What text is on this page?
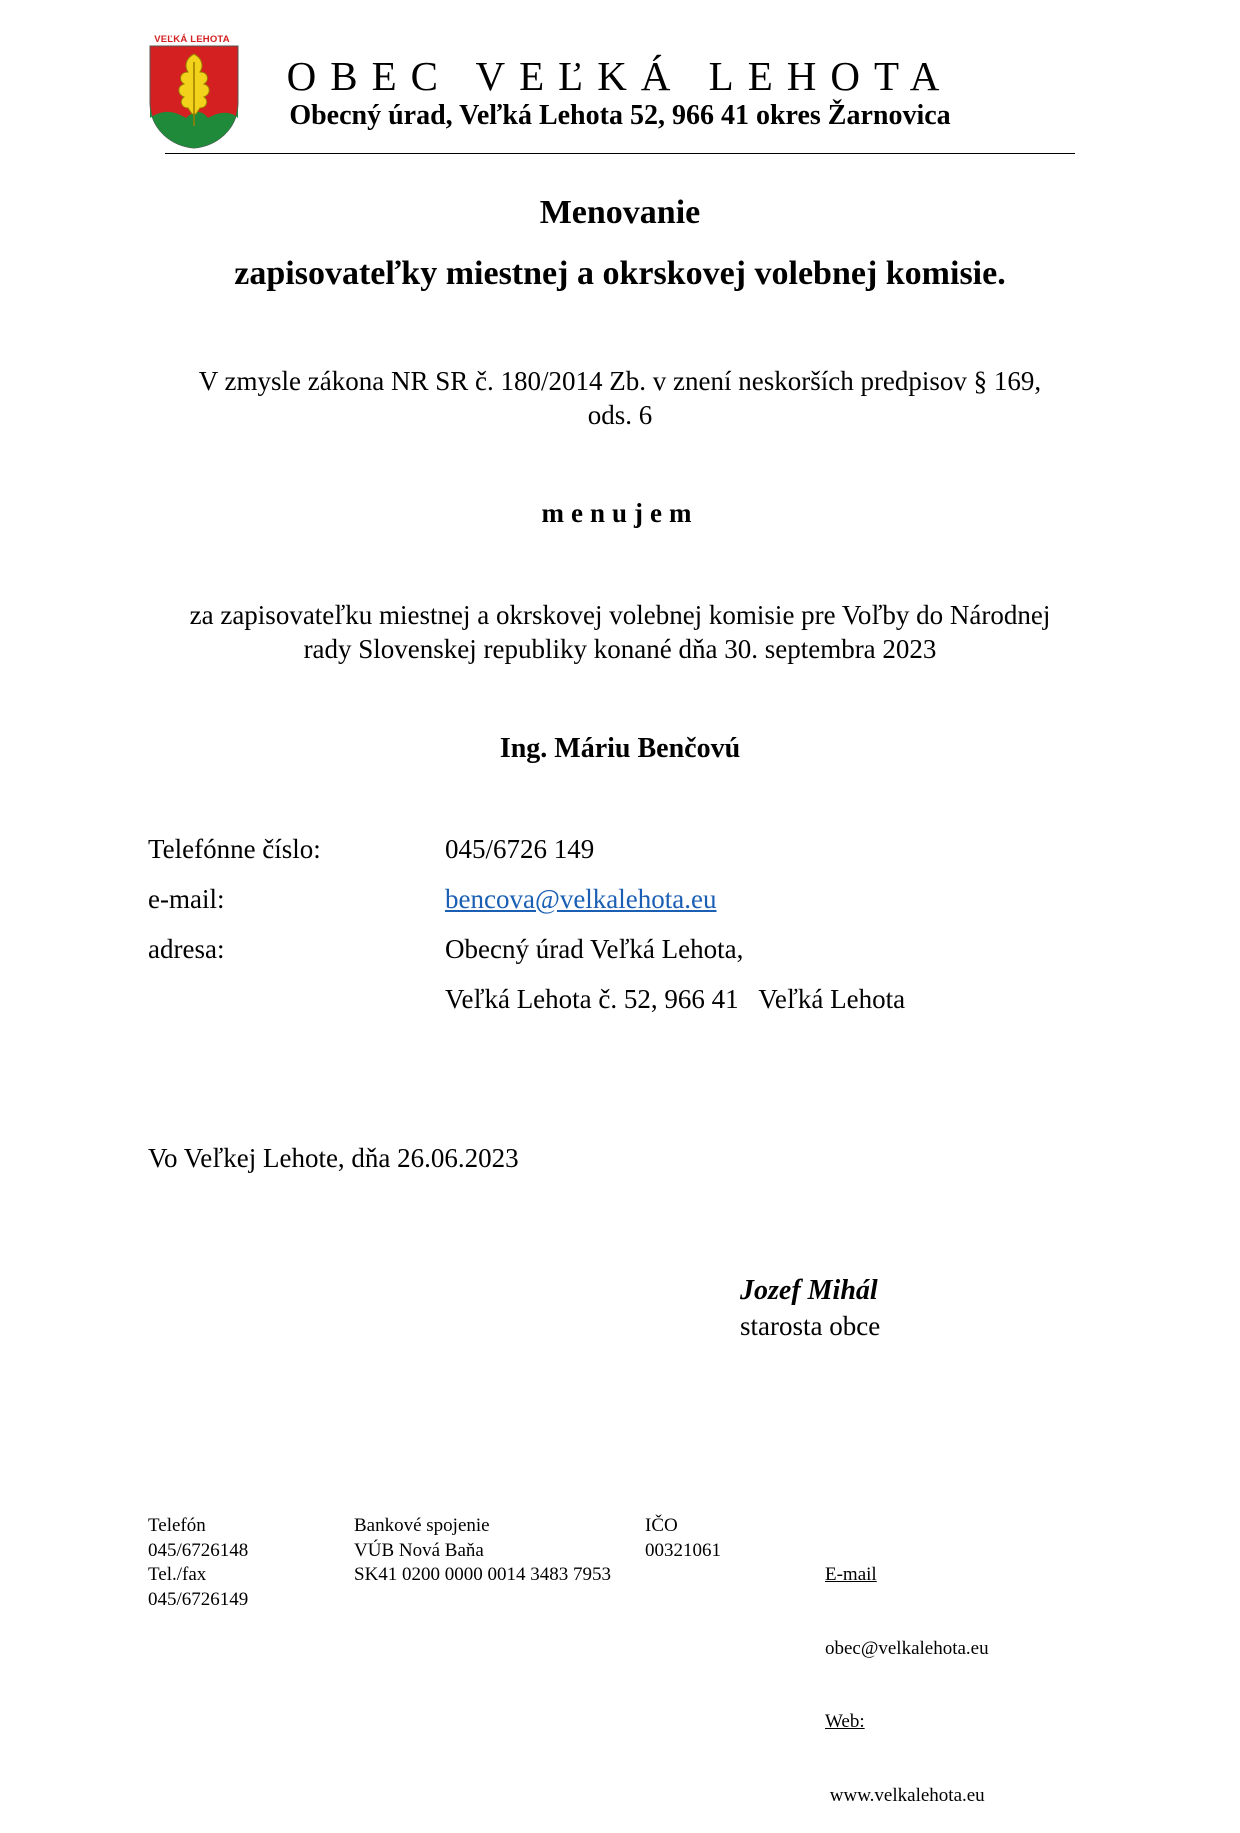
VEĽKÁ LEHOTA
OBEC VEĽKÁ LEHOTA
Obecný úrad, Veľká Lehota 52, 966 41 okres Žarnovica
Menovanie
zapisovateľky miestnej a okrskovej volebnej komisie.
V zmysle zákona NR SR č. 180/2014 Zb. v znení neskorších predpisov § 169,
ods. 6
menujem
za zapisovateľku miestnej a okrskovej volebnej komisie pre Voľby do Národnej
rady Slovenskej republiky konané dňa 30. septembra 2023
Ing. Máriu Benčovú
Telefónne číslo:	045/6726 149
e-mail:	bencova@velkalehota.eu
adresa:	Obecný úrad Veľká Lehota,
Veľká Lehota č. 52, 966 41   Veľká Lehota
Vo Veľkej Lehote, dňa 26.06.2023
Jozef Mihál
starosta obce
Telefón
045/6726148
Tel./fax
045/6726149
Bankové spojenie
VÚB Nová Baňa
SK41 0200 0000 0014 3483 7953
IČO
00321061

E-mail

obec@velkalehota.eu

Web:

www.velkalehota.eu
